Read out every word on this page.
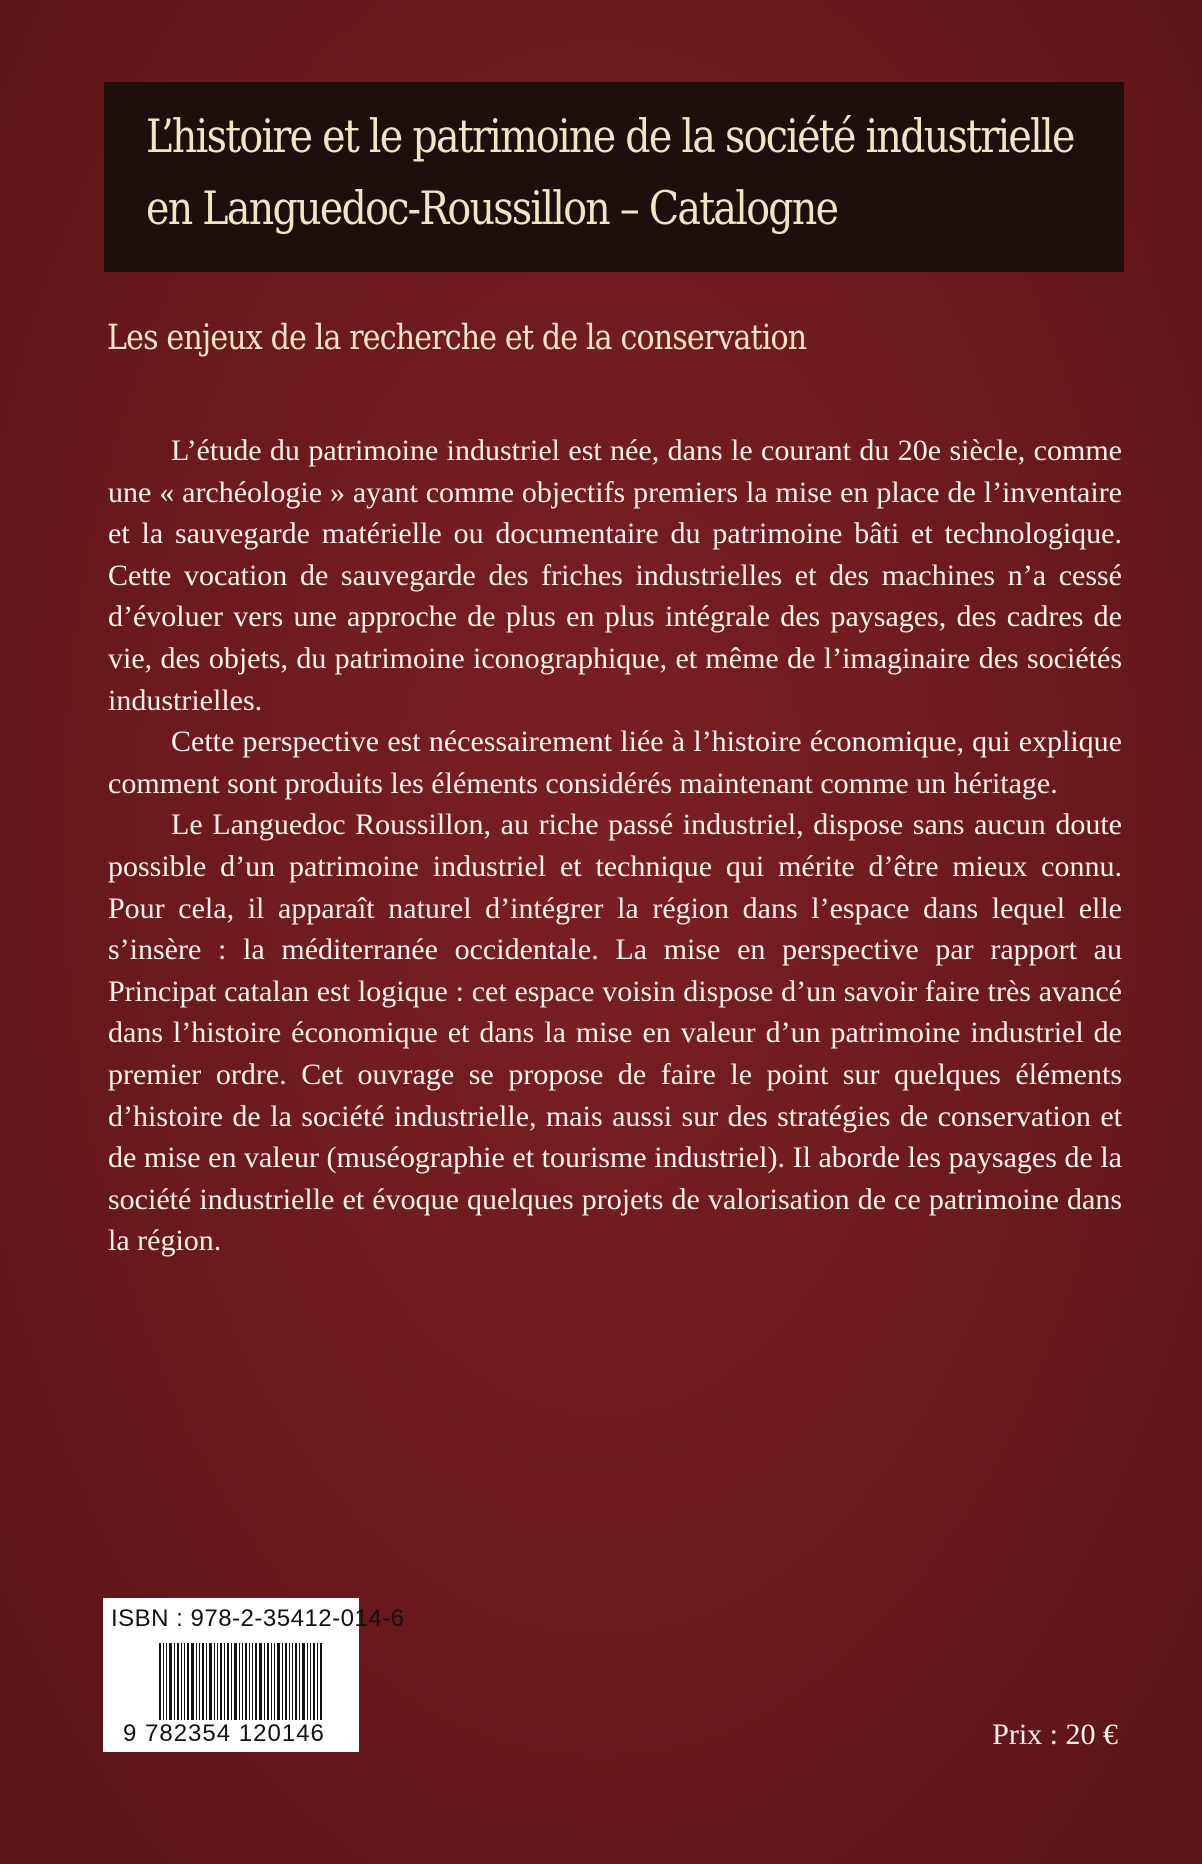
L’histoire et le patrimoine de la société industrielle
en Languedoc-Roussillon – Catalogne
Les enjeux de la recherche et de la conservation

L’étude du patrimoine industriel est née, dans le courant du 20e siècle, comme une « archéologie » ayant comme objectifs premiers la mise en place de l’inventaire et la sauvegarde matérielle ou documentaire du patrimoine bâti et technologique. Cette vocation de sauvegarde des friches industrielles et des machines n’a cessé d’évoluer vers une approche de plus en plus intégrale des paysages, des cadres de vie, des objets, du patrimoine iconographique, et même de l’imaginaire des sociétés industrielles.

Cette perspective est nécessairement liée à l’histoire économique, qui explique comment sont produits les éléments considérés maintenant comme un héritage.

Le Languedoc Roussillon, au riche passé industriel, dispose sans aucun doute possible d’un patrimoine industriel et technique qui mérite d’être mieux connu. Pour cela, il apparaît naturel d’intégrer la région dans l’espace dans lequel elle s’insère : la méditerranée occidentale. La mise en perspective par rapport au Principat catalan est logique : cet espace voisin dispose d’un savoir faire très avancé dans l’histoire économique et dans la mise en valeur d’un patrimoine industriel de premier ordre. Cet ouvrage se propose de faire le point sur quelques éléments d’histoire de la société industrielle, mais aussi sur des stratégies de conservation et de mise en valeur (muséographie et tourisme industriel). Il aborde les paysages de la société industrielle et évoque quelques projets de valorisation de ce patrimoine dans la région.

ISBN : 978-2-35412-014-6
9 782354 120146	Prix : 20 €
